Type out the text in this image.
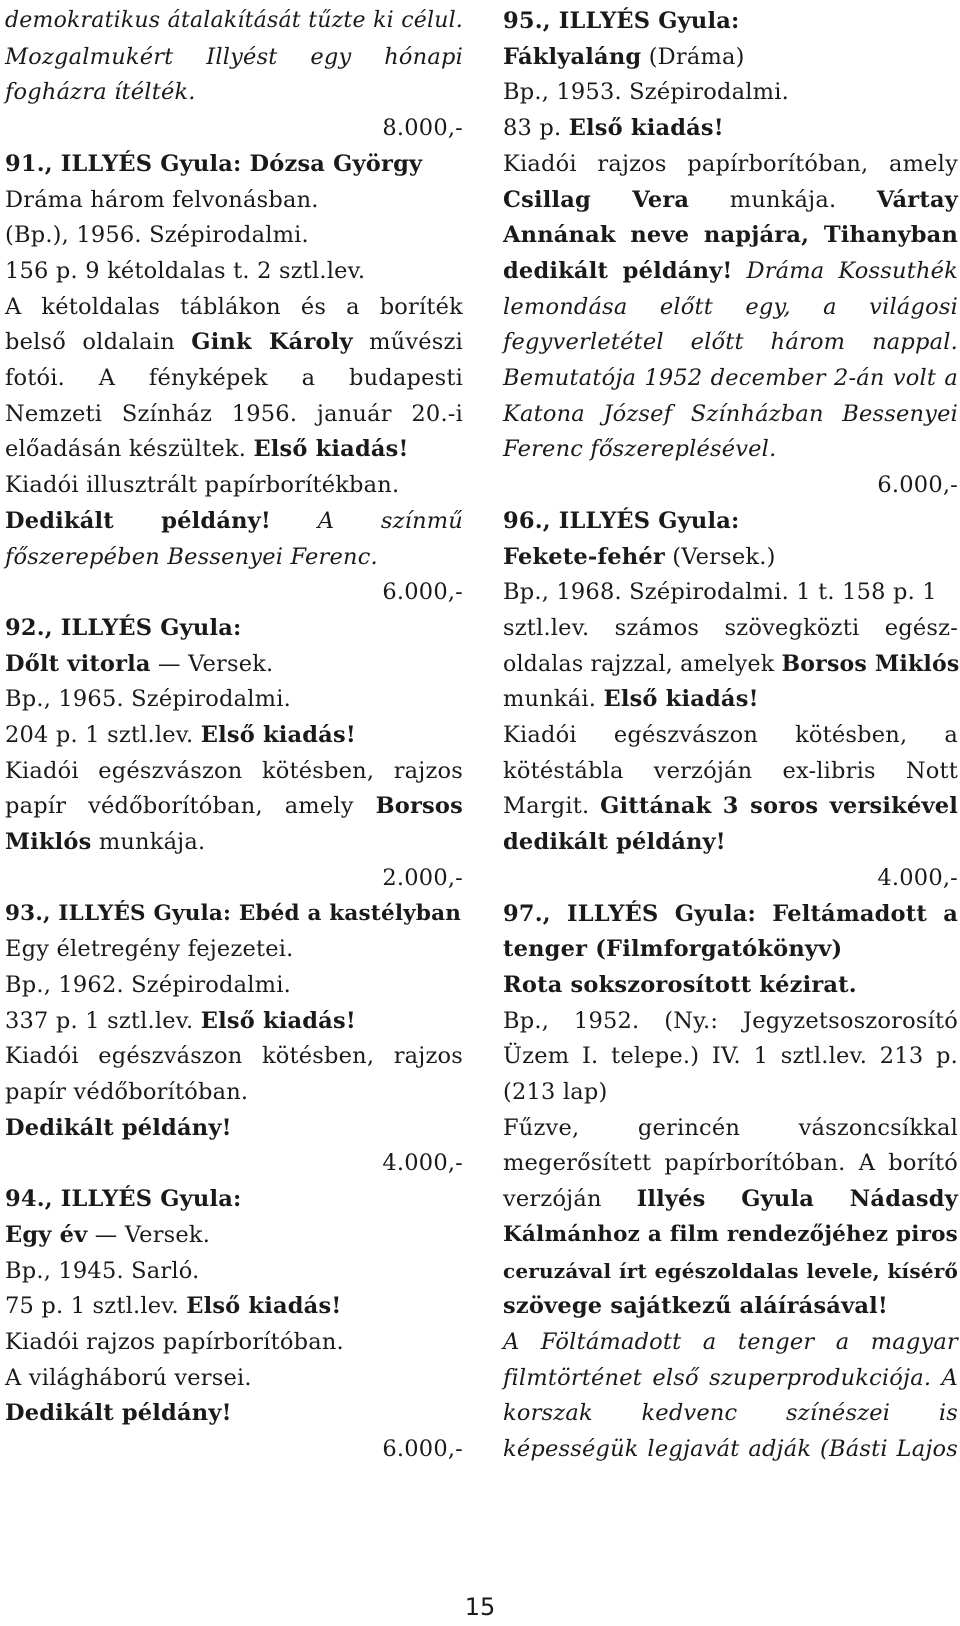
demokratikus átalakítását tűzte ki célul.
Mozgalmukért Illyést egy hónapi
fogházra ítélték.
8.000,-
91., ILLYÉS Gyula: Dózsa György
Dráma három felvonásban.
(Bp.), 1956. Szépirodalmi.
156 p. 9 kétoldalas t. 2 sztl.lev.
A kétoldalas táblákon és a boríték
belső oldalain Gink Károly művészi
fotói. A fényképek a budapesti
Nemzeti Színház 1956. január 20.-i
előadásán készültek. Első kiadás!
Kiadói illusztrált papírborítékban.
Dedikált példány! A színmű
főszerepében Bessenyei Ferenc.
6.000,-
92., ILLYÉS Gyula:
Dőlt vitorla — Versek.
Bp., 1965. Szépirodalmi.
204 p. 1 sztl.lev. Első kiadás!
Kiadói egészvászon kötésben, rajzos
papír védőborítóban, amely Borsos
Miklós munkája.
2.000,-
93., ILLYÉS Gyula: Ebéd a kastélyban
Egy életregény fejezetei.
Bp., 1962. Szépirodalmi.
337 p. 1 sztl.lev. Első kiadás!
Kiadói egészvászon kötésben, rajzos
papír védőborítóban.
Dedikált példány!
4.000,-
94., ILLYÉS Gyula:
Egy év — Versek.
Bp., 1945. Sarló.
75 p. 1 sztl.lev. Első kiadás!
Kiadói rajzos papírborítóban.
A világháború versei.
Dedikált példány!
6.000,-
95., ILLYÉS Gyula:
Fáklyaláng (Dráma)
Bp., 1953. Szépirodalmi.
83 p. Első kiadás!
Kiadói rajzos papírborítóban, amely
Csillag Vera munkája. Vártay
Annának neve napjára, Tihanyban
dedikált példány! Dráma Kossuthék
lemondása előtt egy, a világosi
fegyverletétel előtt három nappal.
Bemutatója 1952 december 2-án volt a
Katona József Színházban Bessenyei
Ferenc főszereplésével.
6.000,-
96., ILLYÉS Gyula:
Fekete-fehér (Versek.)
Bp., 1968. Szépirodalmi. 1 t. 158 p. 1
sztl.lev. számos szövegközti egész-
oldalas rajzzal, amelyek Borsos Miklós
munkái. Első kiadás!
Kiadói egészvászon kötésben, a
kötéstábla verzóján ex-libris Nott
Margit. Gittának 3 soros versikével
dedikált példány!
4.000,-
97., ILLYÉS Gyula: Feltámadott a
tenger (Filmforgatókönyv)
Rota sokszorosított kézirat.
Bp., 1952. (Ny.: Jegyzetsoszorosító
Üzem I. telepe.) IV. 1 sztl.lev. 213 p.
(213 lap)
Fűzve, gerincén vászoncsíkkal
megerősített papírborítóban. A borító
verzóján Illyés Gyula Nádasdy
Kálmánhoz a film rendezőjéhez piros
ceruzával írt egészoldalas levele, kísérő
szövege sajátkezű aláírásával!
A Föltámadott a tenger a magyar
filmtörténet első szuperprodukciója. A
korszak kedvenc színészei is
képességük legjavát adják (Básti Lajos
15
